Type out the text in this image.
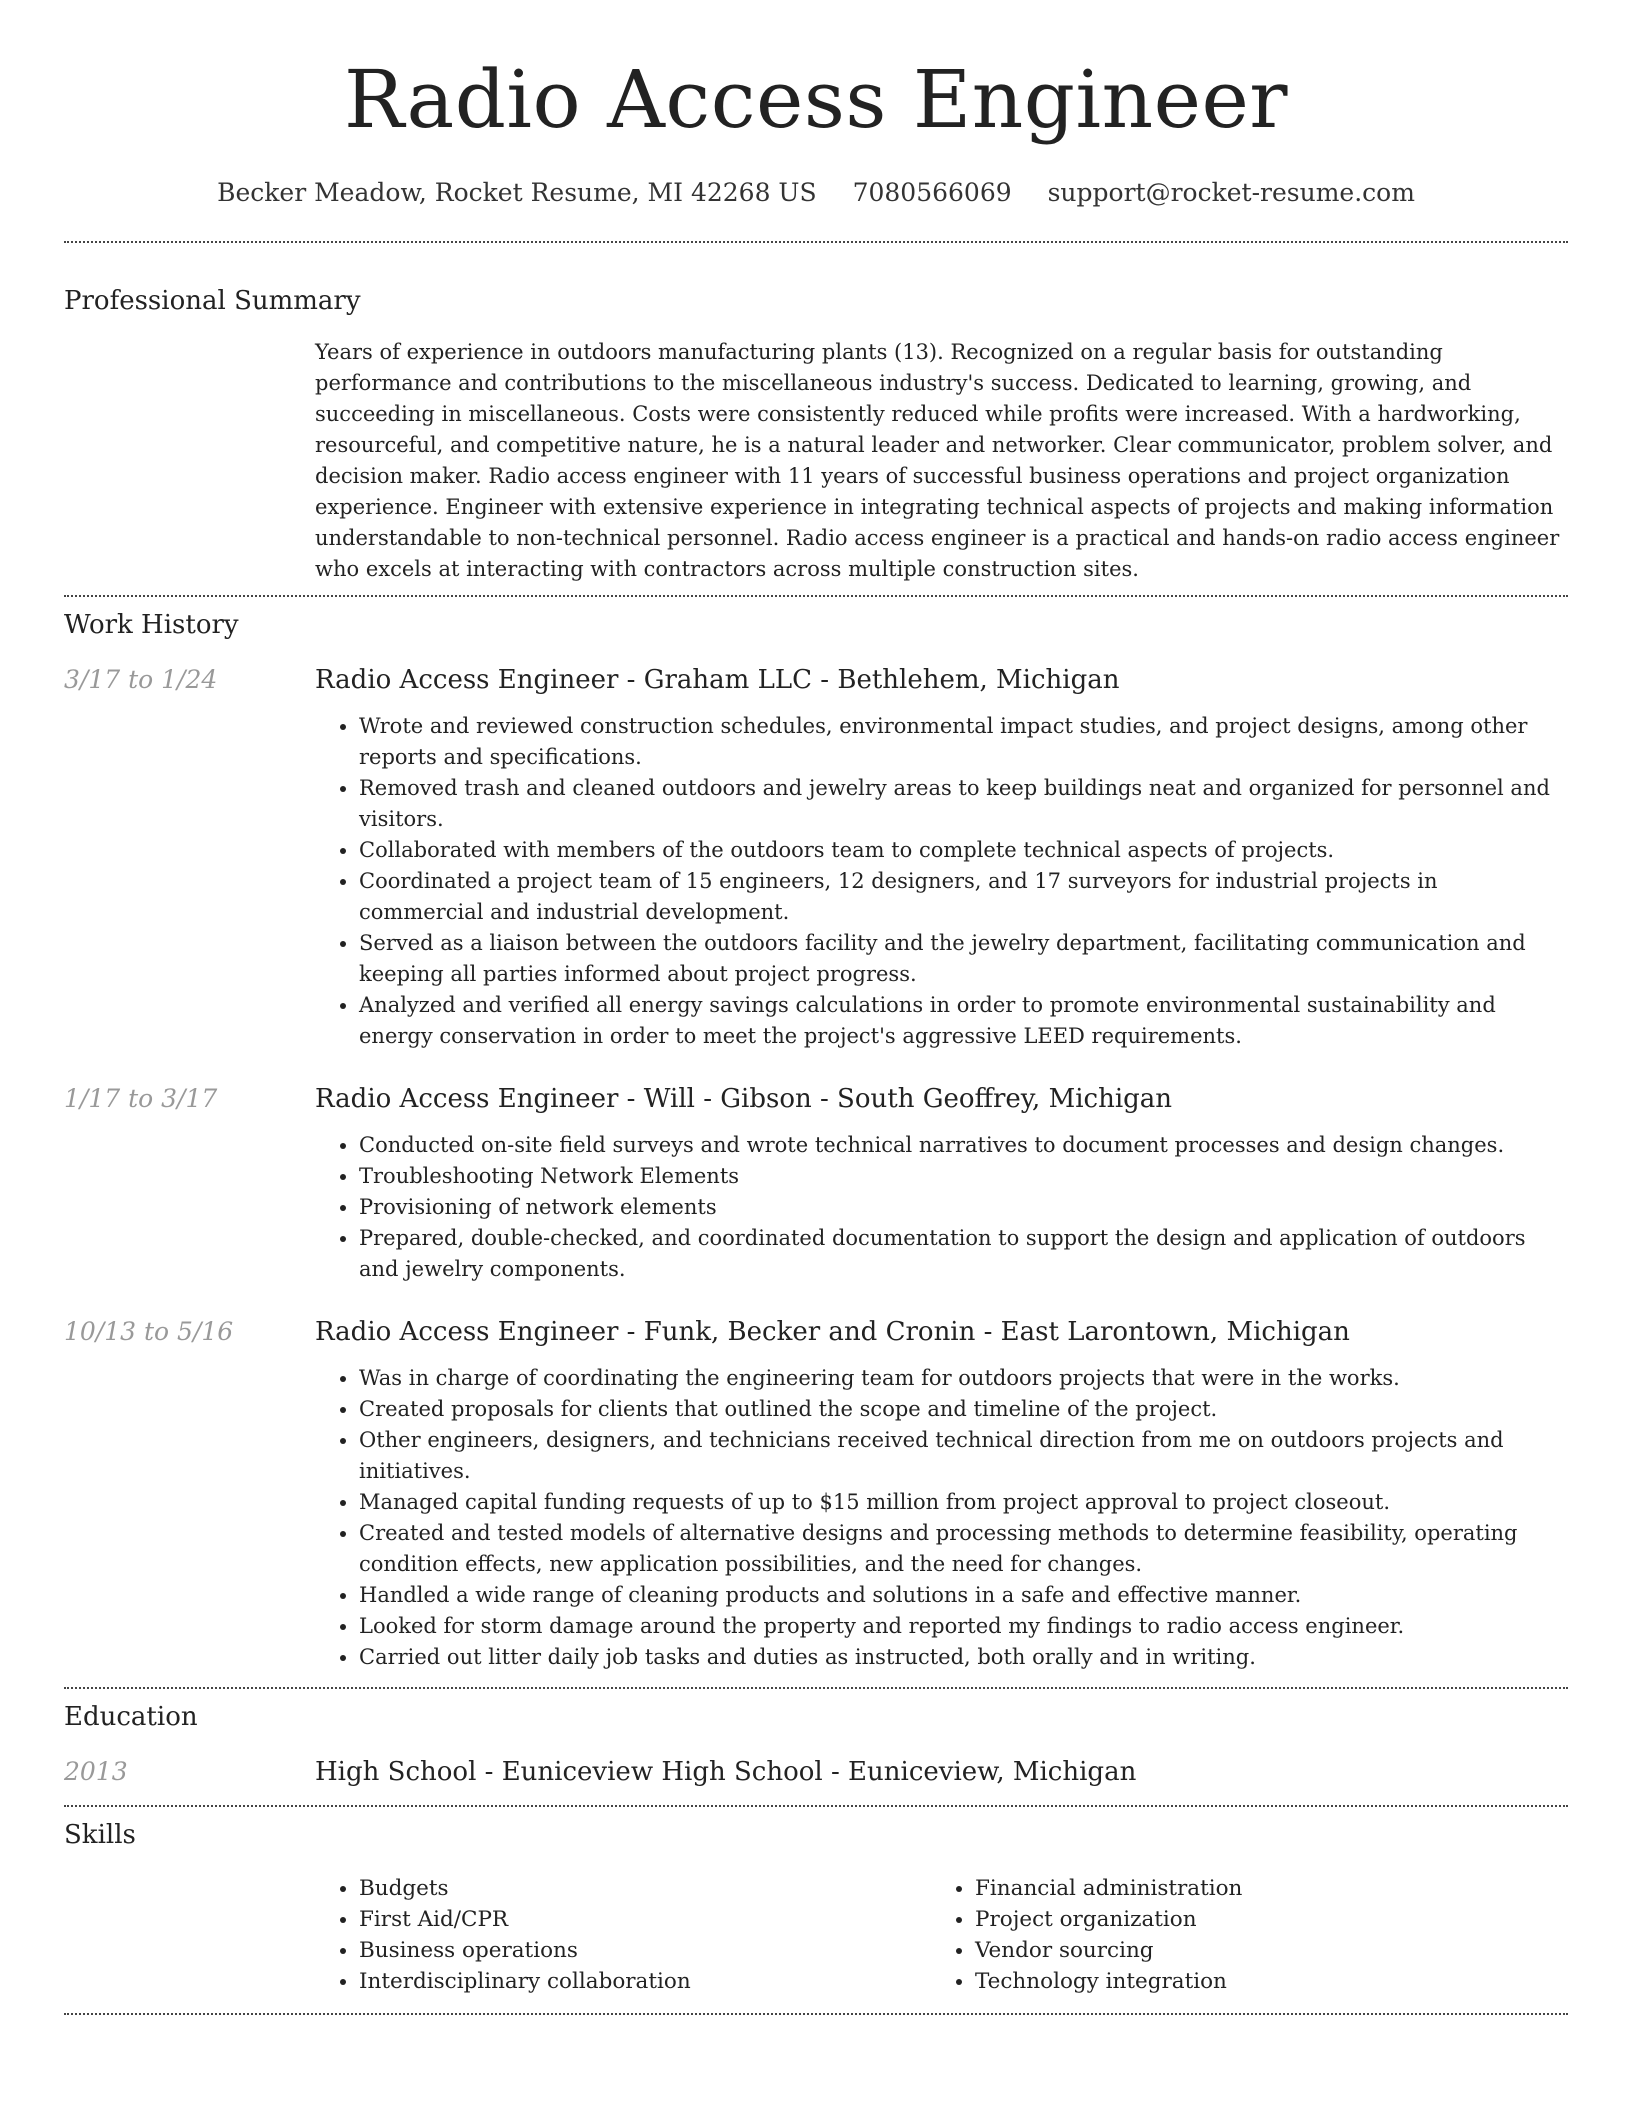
Radio Access Engineer
Becker Meadow, Rocket Resume, MI 42268 US 7080566069 support@rocket-resume.com
Professional Summary

Years of experience in outdoors manufacturing plants (13). Recognized on a regular basis for outstanding performance and contributions to the miscellaneous industry's success. Dedicated to learning, growing, and succeeding in miscellaneous. Costs were consistently reduced while profits were increased. With a hardworking, resourceful, and competitive nature, he is a natural leader and networker. Clear communicator, problem solver, and decision maker. Radio access engineer with 11 years of successful business operations and project organization experience. Engineer with extensive experience in integrating technical aspects of projects and making information understandable to non-technical personnel. Radio access engineer is a practical and hands-on radio access engineer who excels at interacting with contractors across multiple construction sites.

Work History
3/17 to 1/24	Radio Access Engineer - Graham LLC - Bethlehem, Michigan
• Wrote and reviewed construction schedules, environmental impact studies, and project designs, among other reports and specifications.
• Removed trash and cleaned outdoors and jewelry areas to keep buildings neat and organized for personnel and visitors.
• Collaborated with members of the outdoors team to complete technical aspects of projects.
• Coordinated a project team of 15 engineers, 12 designers, and 17 surveyors for industrial projects in commercial and industrial development.
• Served as a liaison between the outdoors facility and the jewelry department, facilitating communication and keeping all parties informed about project progress.
• Analyzed and verified all energy savings calculations in order to promote environmental sustainability and energy conservation in order to meet the project's aggressive LEED requirements.
1/17 to 3/17	Radio Access Engineer - Will - Gibson - South Geoffrey, Michigan
• Conducted on-site field surveys and wrote technical narratives to document processes and design changes.
• Troubleshooting Network Elements
• Provisioning of network elements
• Prepared, double-checked, and coordinated documentation to support the design and application of outdoors and jewelry components.
10/13 to 5/16	Radio Access Engineer - Funk, Becker and Cronin - East Larontown, Michigan
• Was in charge of coordinating the engineering team for outdoors projects that were in the works.
• Created proposals for clients that outlined the scope and timeline of the project.
• Other engineers, designers, and technicians received technical direction from me on outdoors projects and initiatives.
• Managed capital funding requests of up to $15 million from project approval to project closeout.
• Created and tested models of alternative designs and processing methods to determine feasibility, operating condition effects, new application possibilities, and the need for changes.
• Handled a wide range of cleaning products and solutions in a safe and effective manner.
• Looked for storm damage around the property and reported my findings to radio access engineer.
• Carried out litter daily job tasks and duties as instructed, both orally and in writing.
Education
2013	High School - Euniceview High School - Euniceview, Michigan
Skills
• Budgets
• First Aid/CPR
• Business operations
• Interdisciplinary collaboration
• Financial administration
• Project organization
• Vendor sourcing
• Technology integration
